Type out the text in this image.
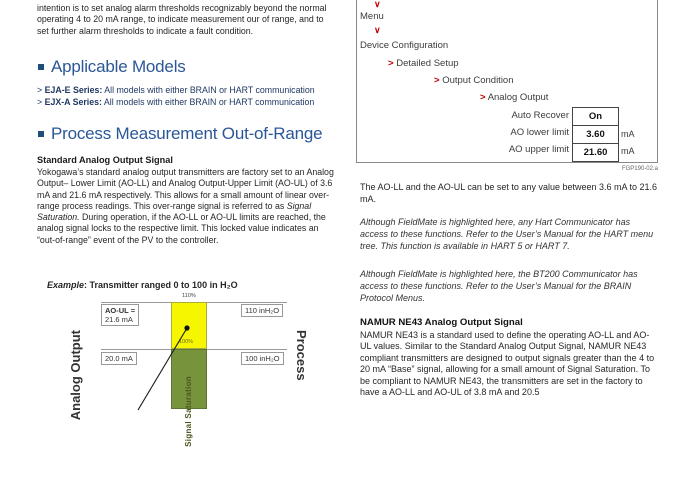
intention is to set analog alarm thresholds recognizably beyond the normal operating 4 to 20 mA range, to indicate measurement our of range, and to set further alarm thresholds to indicate a fault condition.
Applicable Models
> EJA-E Series: All models with either BRAIN or HART communication
> EJX-A Series: All models with either BRAIN or HART communication
Process Measurement Out-of-Range
Standard Analog Output Signal
Yokogawa’s standard analog output transmitters are factory set to an Analog Output– Lower Limit (AO-LL) and Analog Output-Upper Limit (AO-UL) of 3.6 mA and 21.6 mA respectively. This allows for a small amount of linear over-range process readings. This over-range signal is referred to as Signal Saturation. During operation, if the AO-LL or AO-UL limits are reached, the analog signal locks to the respective limit. This locked value indicates an “out-of-range” event of the PV to the controller.
Example: Transmitter ranged 0 to 100 in H₂O
110%
100%
AO-UL =
21.6 mA
20.0 mA
110 inH₂O
100 inH₂O
Analog Output	Process
Signal Saturation
∨
Menu
∨
Device Configuration
> Detailed Setup
> Output Condition
> Analog Output
Auto Recover
AO lower limit
AO upper limit
On
3.60
21.60
mA
mA
FGP190-02.a
The AO-LL and the AO-UL can be set to any value between 3.6 mA to 21.6 mA.
Although FieldMate is highlighted here, any Hart Communicator has access to these functions. Refer to the User’s Manual for the HART menu tree. This function is available in HART 5 or HART 7.
Although FieldMate is highlighted here, the BT200 Communicator has access to these functions. Refer to the User’s Manual for the BRAIN Protocol Menus.
NAMUR NE43 Analog Output Signal
NAMUR NE43 is a standard used to define the operating AO-LL and AO-UL values. Similar to the Standard Analog Output Signal, NAMUR NE43 compliant transmitters are designed to output signals greater than the 4 to 20 mA “Base” signal, allowing for a small amount of Signal Saturation. To be compliant to NAMUR NE43, the transmitters are set in the factory to have a AO-LL and AO-UL of 3.8 mA and 20.5
